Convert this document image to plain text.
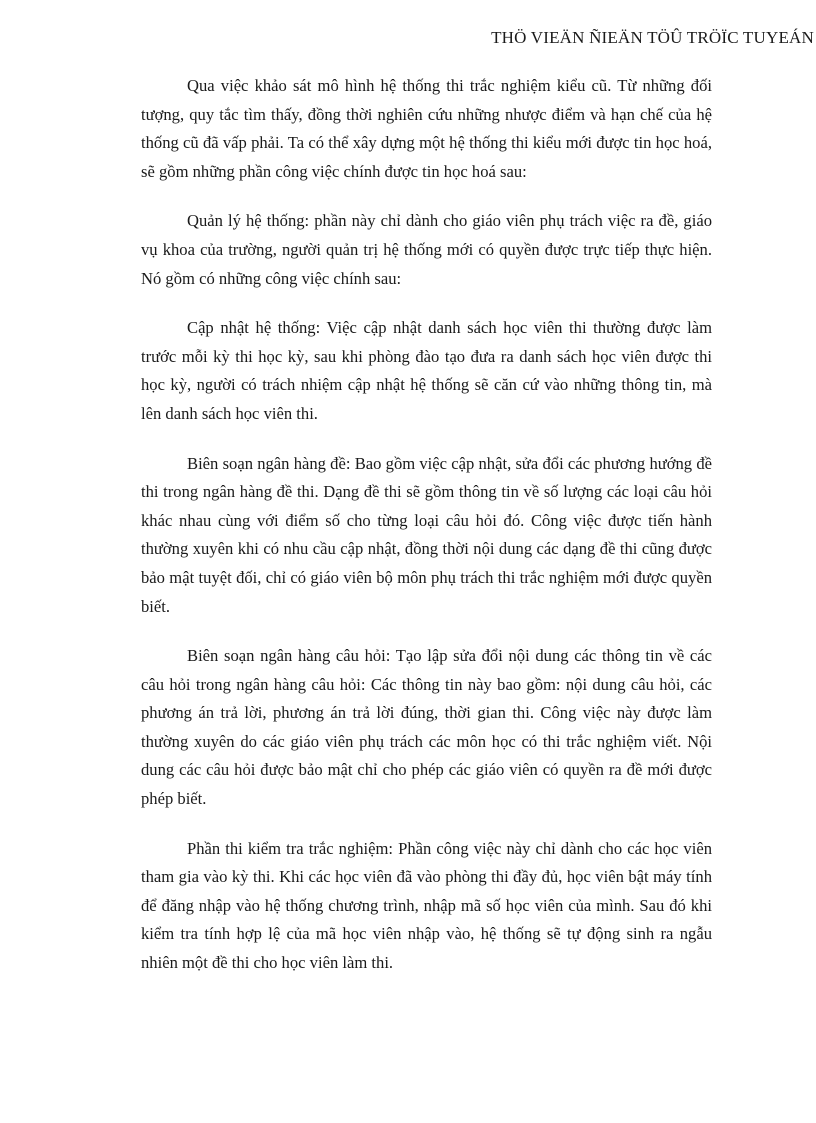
THÖ VIEÄN ÑIEÄN TÖÛ TRÖÏC TUYEÁN

Qua việc khảo sát mô hình hệ thống thi trắc nghiệm kiểu cũ. Từ những đối tượng, quy tắc tìm thấy, đồng thời nghiên cứu những nhược điểm và hạn chế của hệ thống cũ đã vấp phải. Ta có thể xây dựng một hệ thống thi kiểu mới được tin học hoá, sẽ gồm những phần công việc chính được tin học hoá sau:

Quản lý hệ thống: phần này chỉ dành cho giáo viên phụ trách việc ra đề, giáo vụ khoa của trường, người quản trị hệ thống mới có quyền được trực tiếp thực hiện. Nó gồm có những công việc chính sau:

Cập nhật hệ thống: Việc cập nhật danh sách học viên thi thường được làm trước mỗi kỳ thi học kỳ, sau khi phòng đào tạo đưa ra danh sách học viên được thi học kỳ, người có trách nhiệm cập nhật hệ thống sẽ căn cứ vào những thông tin, mà lên danh sách học viên thi.

Biên soạn ngân hàng đề: Bao gồm việc cập nhật, sửa đổi các phương hướng đề thi trong ngân hàng đề thi. Dạng đề thi sẽ gồm thông tin về số lượng các loại câu hỏi khác nhau cùng với điểm số cho từng loại câu hỏi đó. Công việc được tiến hành thường xuyên khi có nhu cầu cập nhật, đồng thời nội dung các dạng đề thi cũng được bảo mật tuyệt đối, chỉ có giáo viên bộ môn phụ trách thi trắc nghiệm mới được quyền biết.

Biên soạn ngân hàng câu hỏi: Tạo lập sửa đổi nội dung các thông tin về các câu hỏi trong ngân hàng câu hỏi: Các thông tin này bao gồm: nội dung câu hỏi, các phương án trả lời, phương án trả lời đúng, thời gian thi. Công việc này được làm thường xuyên do các giáo viên phụ trách các môn học có thi trắc nghiệm viết. Nội dung các câu hỏi được bảo mật chỉ cho phép các giáo viên có quyền ra đề mới được phép biết.

Phần thi kiểm tra trắc nghiệm: Phần công việc này chỉ dành cho các học viên tham gia vào kỳ thi. Khi các học viên đã vào phòng thi đầy đủ, học viên bật máy tính để đăng nhập vào hệ thống chương trình, nhập mã số học viên của mình. Sau đó khi kiểm tra tính hợp lệ của mã học viên nhập vào, hệ thống sẽ tự động sinh ra ngẫu nhiên một đề thi cho học viên làm thi.
